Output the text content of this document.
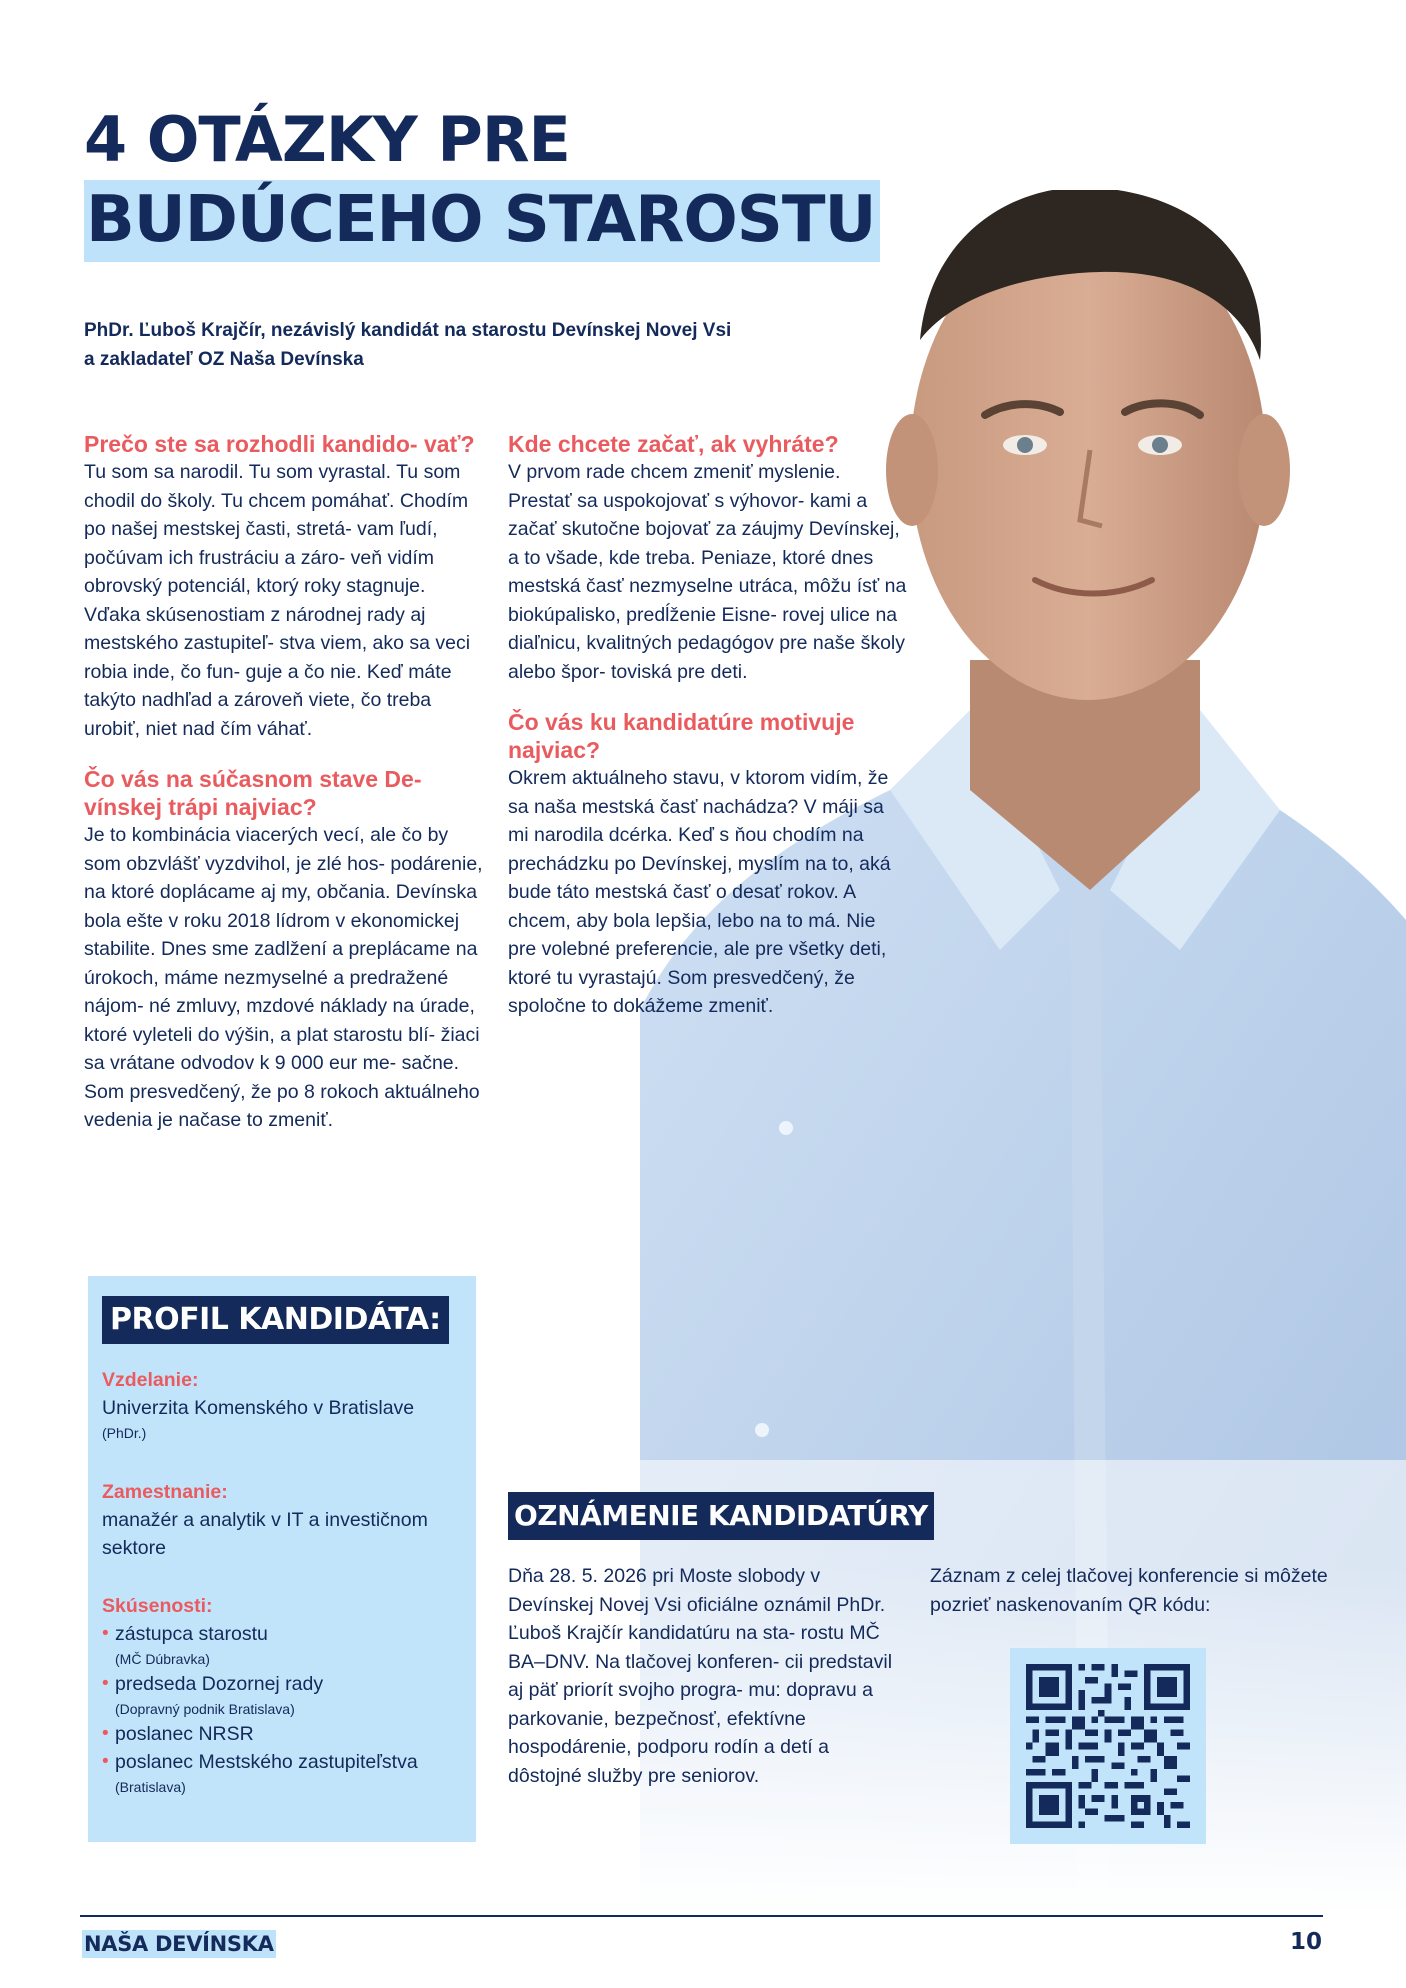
4 OTÁZKY PRE
BUDÚCEHO STAROSTU

PhDr. Ľuboš Krajčír, nezávislý kandidát na starostu Devínskej Novej Vsi
a zakladateľ OZ Naša Devínska

Prečo ste sa rozhodli kandido- vať?

Tu som sa narodil. Tu som vyrastal. Tu som chodil do školy. Tu chcem pomáhať. Chodím po našej mestskej časti, stretá- vam ľudí, počúvam ich frustráciu a záro- veň vidím obrovský potenciál, ktorý roky stagnuje. Vďaka skúsenostiam z národnej rady aj mestského zastupiteľ- stva viem, ako sa veci robia inde, čo fun- guje a čo nie. Keď máte takýto nadhľad a zároveň viete, čo treba urobiť, niet nad čím váhať.

Čo vás na súčasnom stave De- vínskej trápi najviac?

Je to kombinácia viacerých vecí, ale čo by som obzvlášť vyzdvihol, je zlé hos- podárenie, na ktoré doplácame aj my, občania. Devínska bola ešte v roku 2018 lídrom v ekonomickej stabilite. Dnes sme zadlžení a preplácame na úrokoch, máme nezmyselné a predražené nájom- né zmluvy, mzdové náklady na úrade, ktoré vyleteli do výšin, a plat starostu blí- žiaci sa vrátane odvodov k 9 000 eur me- sačne. Som presvedčený, že po 8 rokoch aktuálneho vedenia je načase to zmeniť.

Kde chcete začať, ak vyhráte?

V prvom rade chcem zmeniť myslenie. Prestať sa uspokojovať s výhovor- kami a začať skutočne bojovať za záujmy Devínskej, a to všade, kde treba. Peniaze, ktoré dnes mestská časť nezmyselne utráca, môžu ísť na biokúpalisko, predĺženie Eisne- rovej ulice na diaľnicu, kvalitných pedagógov pre naše školy alebo špor- toviská pre deti.

Čo vás ku kandidatúre motivuje najviac?

Okrem aktuálneho stavu, v ktorom vidím, že sa naša mestská časť nachádza? V máji sa mi narodila dcérka. Keď s ňou chodím na prechádzku po Devínskej, myslím na to, aká bude táto mestská časť o desať rokov. A chcem, aby bola lepšia, lebo na to má. Nie pre volebné preferencie, ale pre všetky deti, ktoré tu vyrastajú. Som presvedčený, že spoločne to dokážeme zmeniť.

PROFIL KANDIDÁTA:
Vzdelanie:
Univerzita Komenského v Bratislave
(PhDr.)
Zamestnanie:
manažér a analytik v IT a investičnom sektore
Skúsenosti:
• zástupca starostu
(MČ Dúbravka)
• predseda Dozornej rady
(Dopravný podnik Bratislava)
• poslanec NRSR
• poslanec Mestského zastupiteľstva
(Bratislava)
OZNÁMENIE KANDIDATÚRY

Dňa 28. 5. 2026 pri Moste slobody v Devínskej Novej Vsi oficiálne oznámil PhDr. Ľuboš Krajčír kandidatúru na sta- rostu MČ BA–DNV. Na tlačovej konferen- cii predstavil aj päť priorít svojho progra- mu: dopravu a parkovanie, bezpečnosť, efektívne hospodárenie, podporu rodín a detí a dôstojné služby pre seniorov.

Záznam z celej tlačovej konferencie si môžete pozrieť naskenovaním QR kódu:

NAŠA DEVÍNSKA	10
